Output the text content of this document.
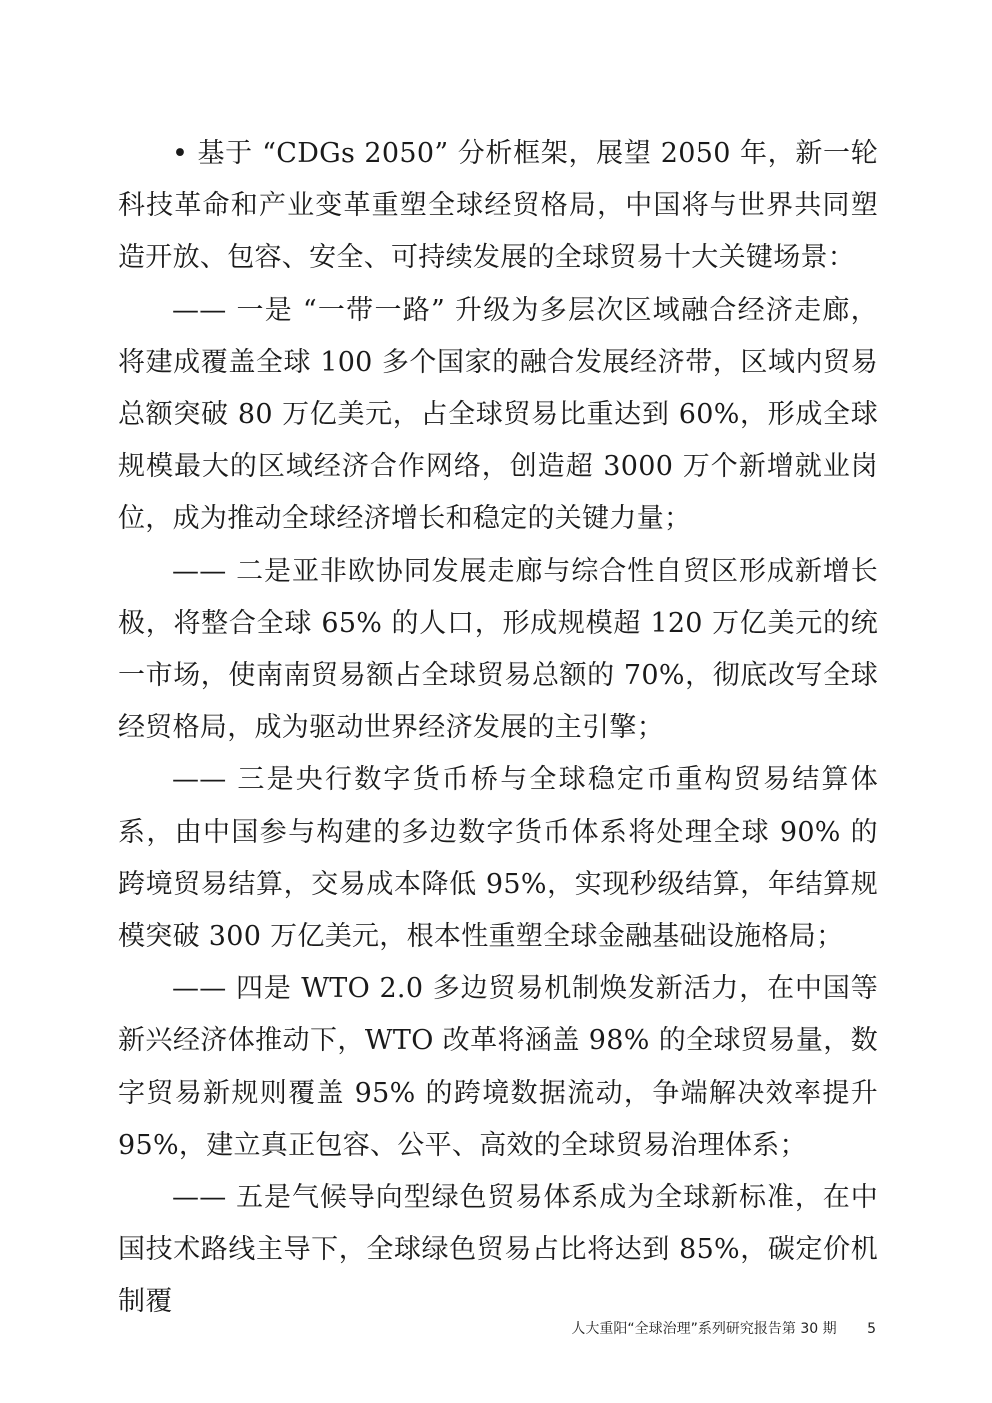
• 基于 “CDGs 2050” 分析框架，展望 2050 年，新一轮科技革命和产业变革重塑全球经贸格局，中国将与世界共同塑造开放、包容、安全、可持续发展的全球贸易十大关键场景：

—— 一是 “一带一路” 升级为多层次区域融合经济走廊，将建成覆盖全球 100 多个国家的融合发展经济带，区域内贸易总额突破 80 万亿美元，占全球贸易比重达到 60%，形成全球规模最大的区域经济合作网络，创造超 3000 万个新增就业岗位，成为推动全球经济增长和稳定的关键力量；

—— 二是亚非欧协同发展走廊与综合性自贸区形成新增长极，将整合全球 65% 的人口，形成规模超 120 万亿美元的统一市场，使南南贸易额占全球贸易总额的 70%，彻底改写全球经贸格局，成为驱动世界经济发展的主引擎；

—— 三是央行数字货币桥与全球稳定币重构贸易结算体系，由中国参与构建的多边数字货币体系将处理全球 90% 的跨境贸易结算，交易成本降低 95%，实现秒级结算，年结算规模突破 300 万亿美元，根本性重塑全球金融基础设施格局；

—— 四是 WTO 2.0 多边贸易机制焕发新活力，在中国等新兴经济体推动下，WTO 改革将涵盖 98% 的全球贸易量，数字贸易新规则覆盖 95% 的跨境数据流动，争端解决效率提升 95%，建立真正包容、公平、高效的全球贸易治理体系；

—— 五是气候导向型绿色贸易体系成为全球新标准，在中国技术路线主导下，全球绿色贸易占比将达到 85%，碳定价机制覆

人大重阳“全球治理”系列研究报告第 30 期 5
